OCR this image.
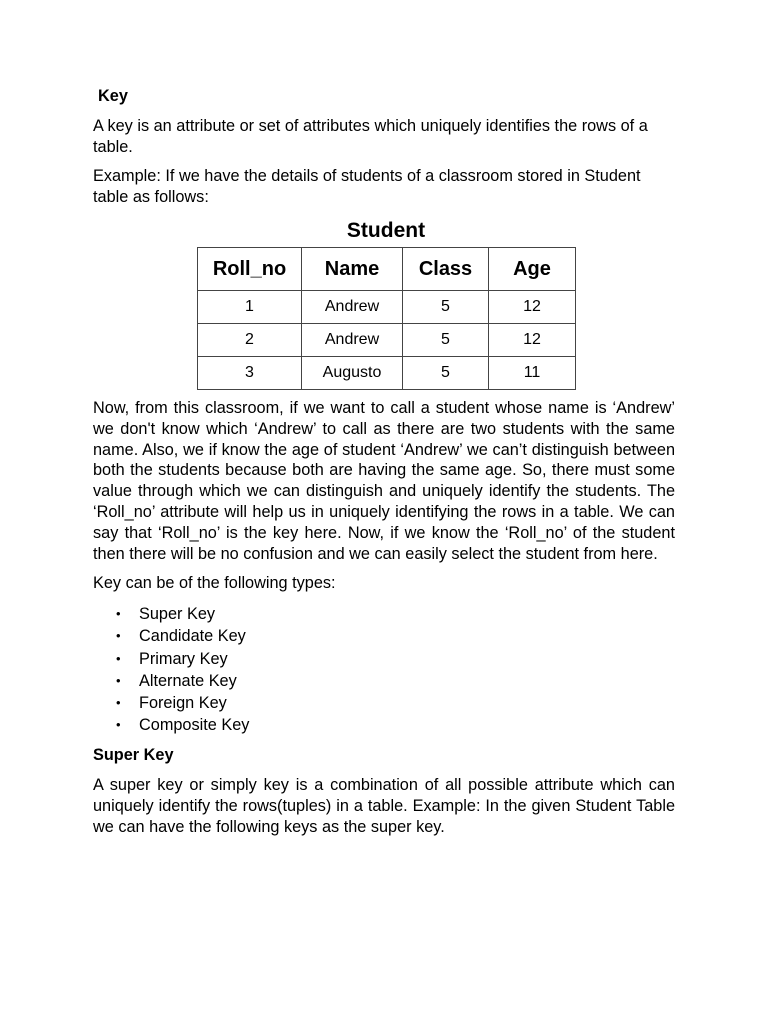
Key

A key is an attribute or set of attributes which uniquely identifies the rows of a table.

Example: If we have the details of students of a classroom stored in Student table as follows:

Student
Roll_no	Name	Class	Age
1	Andrew	5	12
2	Andrew	5	12
3	Augusto	5	11

Now, from this classroom, if we want to call a student whose name is ‘Andrew’ we don't know which ‘Andrew’ to call as there are two students with the same name. Also, we if know the age of student ‘Andrew’ we can’t distinguish between both the students because both are having the same age. So, there must some value through which we can distinguish and uniquely identify the students. The ‘Roll_no’ attribute will help us in uniquely identifying the rows in a table. We can say that ‘Roll_no’ is the key here. Now, if we know the ‘Roll_no’ of the student then there will be no confusion and we can easily select the student from here.

Key can be of the following types:

• Super Key
• Candidate Key
• Primary Key
• Alternate Key
• Foreign Key
• Composite Key
Super Key

A super key or simply key is a combination of all possible attribute which can uniquely identify the rows(tuples) in a table. Example: In the given Student Table we can have the following keys as the super key.
